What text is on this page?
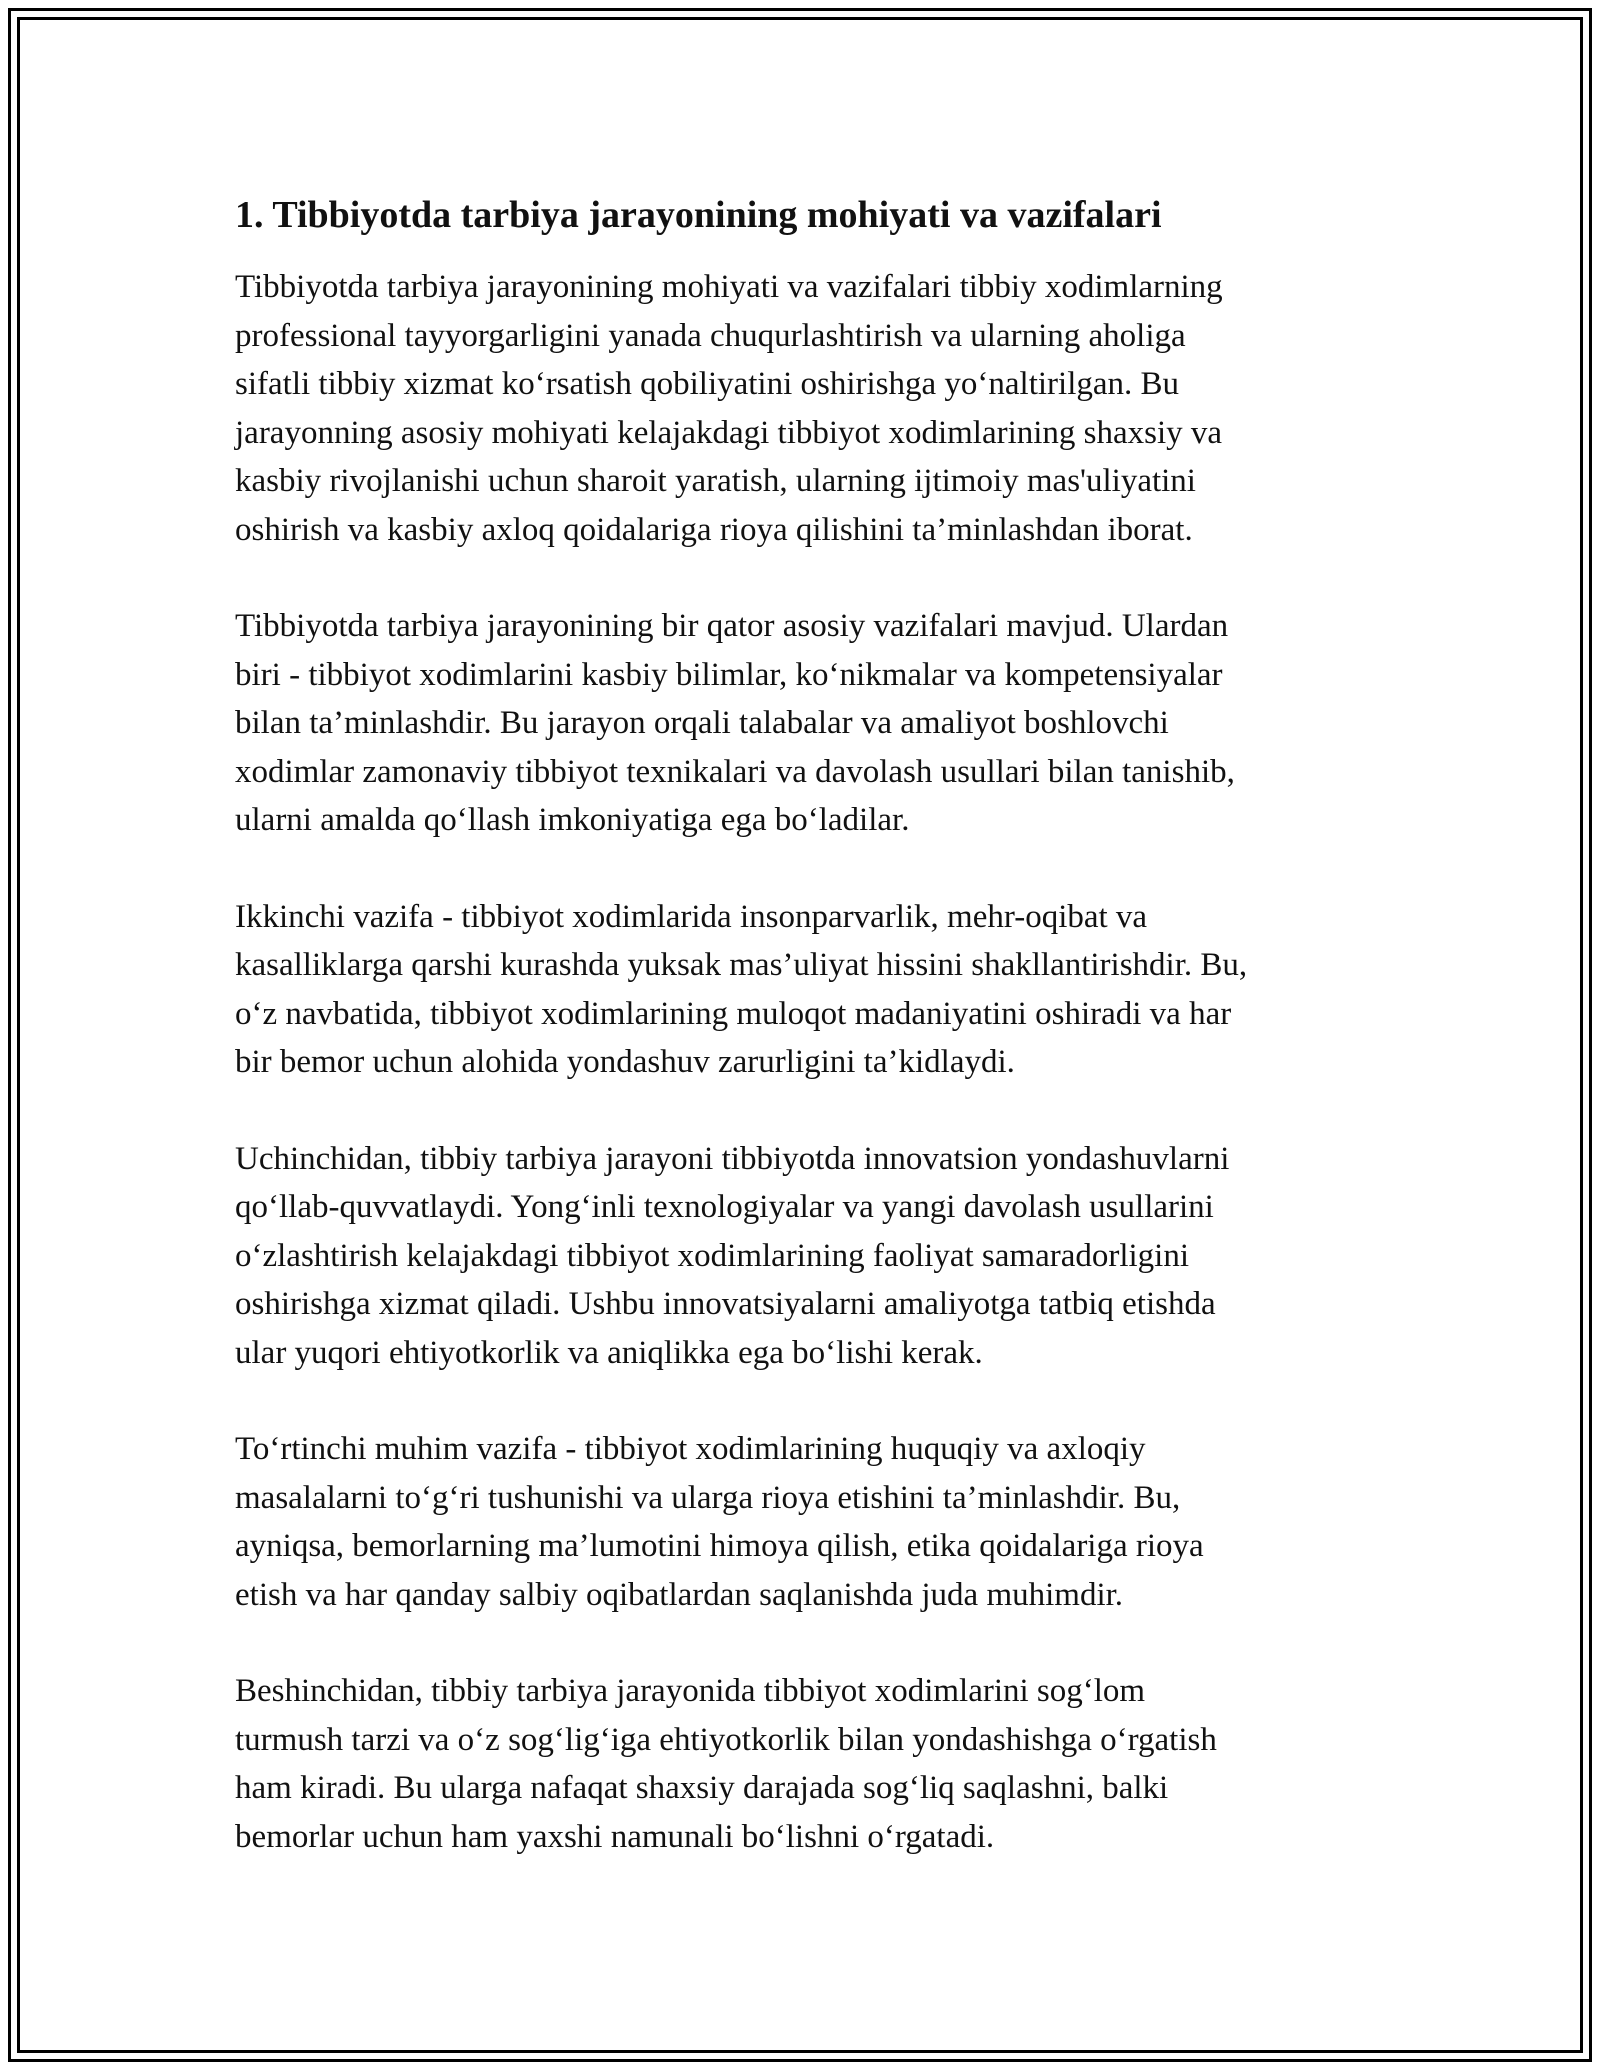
1. Tibbiyotda tarbiya jarayonining mohiyati va vazifalari

Tibbiyotda tarbiya jarayonining mohiyati va vazifalari tibbiy xodimlarning
professional tayyorgarligini yanada chuqurlashtirish va ularning aholiga
sifatli tibbiy xizmat ko‘rsatish qobiliyatini oshirishga yo‘naltirilgan. Bu
jarayonning asosiy mohiyati kelajakdagi tibbiyot xodimlarining shaxsiy va
kasbiy rivojlanishi uchun sharoit yaratish, ularning ijtimoiy mas'uliyatini
oshirish va kasbiy axloq qoidalariga rioya qilishini ta’minlashdan iborat.

Tibbiyotda tarbiya jarayonining bir qator asosiy vazifalari mavjud. Ulardan
biri - tibbiyot xodimlarini kasbiy bilimlar, ko‘nikmalar va kompetensiyalar
bilan ta’minlashdir. Bu jarayon orqali talabalar va amaliyot boshlovchi
xodimlar zamonaviy tibbiyot texnikalari va davolash usullari bilan tanishib,
ularni amalda qo‘llash imkoniyatiga ega bo‘ladilar.

Ikkinchi vazifa - tibbiyot xodimlarida insonparvarlik, mehr-oqibat va
kasalliklarga qarshi kurashda yuksak mas’uliyat hissini shakllantirishdir. Bu,
o‘z navbatida, tibbiyot xodimlarining muloqot madaniyatini oshiradi va har
bir bemor uchun alohida yondashuv zarurligini ta’kidlaydi.

Uchinchidan, tibbiy tarbiya jarayoni tibbiyotda innovatsion yondashuvlarni
qo‘llab-quvvatlaydi. Yong‘inli texnologiyalar va yangi davolash usullarini
o‘zlashtirish kelajakdagi tibbiyot xodimlarining faoliyat samaradorligini
oshirishga xizmat qiladi. Ushbu innovatsiyalarni amaliyotga tatbiq etishda
ular yuqori ehtiyotkorlik va aniqlikka ega bo‘lishi kerak.

To‘rtinchi muhim vazifa - tibbiyot xodimlarining huquqiy va axloqiy
masalalarni to‘g‘ri tushunishi va ularga rioya etishini ta’minlashdir. Bu,
ayniqsa, bemorlarning ma’lumotini himoya qilish, etika qoidalariga rioya
etish va har qanday salbiy oqibatlardan saqlanishda juda muhimdir.

Beshinchidan, tibbiy tarbiya jarayonida tibbiyot xodimlarini sog‘lom
turmush tarzi va o‘z sog‘lig‘iga ehtiyotkorlik bilan yondashishga o‘rgatish
ham kiradi. Bu ularga nafaqat shaxsiy darajada sog‘liq saqlashni, balki
bemorlar uchun ham yaxshi namunali bo‘lishni o‘rgatadi.
